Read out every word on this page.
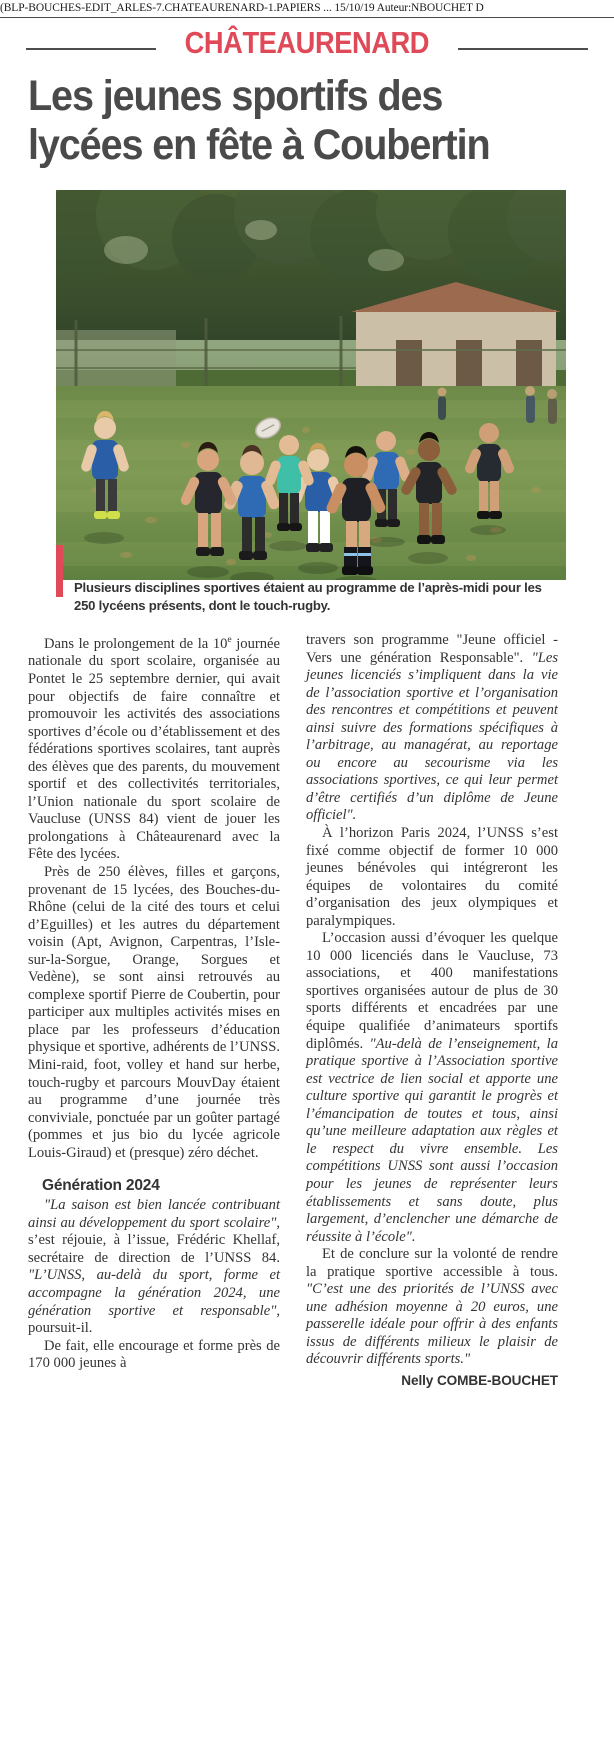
(BLP-BOUCHES-EDIT_ARLES-7.CHATEAURENARD-1.PAPIERS ... 15/10/19 Auteur:NBOUCHET D
CHÂTEAURENARD
Les jeunes sportifs des
lycées en fête à Coubertin
Plusieurs disciplines sportives étaient au programme de l’après-midi pour les 250 lycéens présents, dont le touch-rugby.

Dans le prolongement de la 10e journée nationale du sport scolaire, organisée au Pontet le 25 septembre dernier, qui avait pour objectifs de faire connaître et promouvoir les activités des associations sportives d’école ou d’établissement et des fédérations sportives scolaires, tant auprès des élèves que des parents, du mouvement sportif et des collectivités territoriales, l’Union nationale du sport scolaire de Vaucluse (UNSS 84) vient de jouer les prolongations à Châteaurenard avec la Fête des lycées.

Près de 250 élèves, filles et garçons, provenant de 15 lycées, des Bouches-du-Rhône (celui de la cité des tours et celui d’Eguilles) et les autres du département voisin (Apt, Avignon, Carpentras, l’Isle-sur-la-Sorgue, Orange, Sorgues et Vedène), se sont ainsi retrouvés au complexe sportif Pierre de Coubertin, pour participer aux multiples activités mises en place par les professeurs d’éducation physique et sportive, adhérents de l’UNSS. Mini-raid, foot, volley et hand sur herbe, touch-rugby et parcours MouvDay étaient au programme d’une journée très conviviale, ponctuée par un goûter partagé (pommes et jus bio du lycée agricole Louis-Giraud) et (presque) zéro déchet.

Génération 2024

"La saison est bien lancée contribuant ainsi au développement du sport scolaire", s’est réjouie, à l’issue, Frédéric Khellaf, secrétaire de direction de l’UNSS 84. "L’UNSS, au-delà du sport, forme et accompagne la génération 2024, une génération sportive et responsable", poursuit-il.

De fait, elle encourage et forme près de 170 000 jeunes à

travers son programme "Jeune officiel - Vers une génération Responsable". "Les jeunes licenciés s’impliquent dans la vie de l’association sportive et l’organisation des rencontres et compétitions et peuvent ainsi suivre des formations spécifiques à l’arbitrage, au managérat, au reportage ou encore au secourisme via les associations sportives, ce qui leur permet d’être certifiés d’un diplôme de Jeune officiel".

À l’horizon Paris 2024, l’UNSS s’est fixé comme objectif de former 10 000 jeunes bénévoles qui intégreront les équipes de volontaires du comité d’organisation des jeux olympiques et paralympiques.

L’occasion aussi d’évoquer les quelque 10 000 licenciés dans le Vaucluse, 73 associations, et 400 manifestations sportives organisées autour de plus de 30 sports différents et encadrées par une équipe qualifiée d’animateurs sportifs diplômés. "Au-delà de l’enseignement, la pratique sportive à l’Association sportive est vectrice de lien social et apporte une culture sportive qui garantit le progrès et l’émancipation de toutes et tous, ainsi qu’une meilleure adaptation aux règles et le respect du vivre ensemble. Les compétitions UNSS sont aussi l’occasion pour les jeunes de représenter leurs établissements et sans doute, plus largement, d’enclencher une démarche de réussite à l’école".

Et de conclure sur la volonté de rendre la pratique sportive accessible à tous. "C’est une des priorités de l’UNSS avec une adhésion moyenne à 20 euros, une passerelle idéale pour offrir à des enfants issus de différents milieux le plaisir de découvrir différents sports."

Nelly COMBE-BOUCHET
